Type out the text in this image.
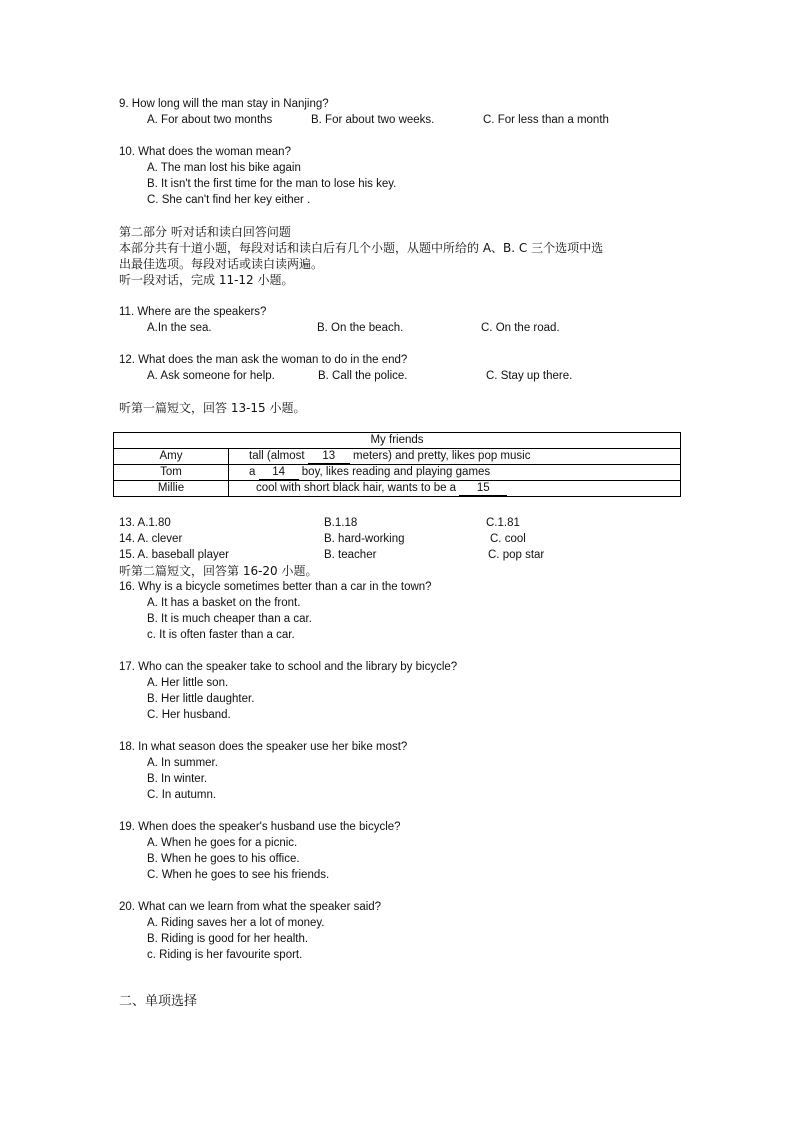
9. How long will the man stay in Nanjing?
A. For about two months	B. For about two weeks.	C. For less than a month
10. What does the woman mean?
A. The man lost his bike again
B. It isn't the first time for the man to lose his key.
C. She can't find her key either .
第二部分 听对话和读白回答问题
本部分共有十道小题，每段对话和读白后有几个小题，从题中所给的 A、B. C 三个选项中选
出最佳选项。每段对话或读白读两遍。
听一段对话，完成 11-12 小题。
11. Where are the speakers?
A.In the sea.	B. On the beach.	C. On the road.
12. What does the man ask the woman to do in the end?
A. Ask someone for help.	B. Call the police.	C. Stay up there.
听第一篇短文，回答 13-15 小题。
My friends	
Amy	tall (almost 13 meters) and pretty, likes pop music
Tom	a 14 boy, likes reading and playing games
Millie	cool with short black hair, wants to be a 15
13. A.1.80	B.1.18	C.1.81
14. A. clever	B. hard-working	C. cool
15. A. baseball player	B. teacher	C. pop star
听第二篇短文，回答第 16-20 小题。
16. Why is a bicycle sometimes better than a car in the town?
A. It has a basket on the front.
B. It is much cheaper than a car.
c. It is often faster than a car.
17. Who can the speaker take to school and the library by bicycle?
A. Her little son.
B. Her little daughter.
C. Her husband.
18. In what season does the speaker use her bike most?
A. In summer.
B. In winter.
C. In autumn.
19. When does the speaker's husband use the bicycle?
A. When he goes for a picnic.
B. When he goes to his office.
C. When he goes to see his friends.
20. What can we learn from what the speaker said?
A. Riding saves her a lot of money.
B. Riding is good for her health.
c. Riding is her favourite sport.
二、单项选择
